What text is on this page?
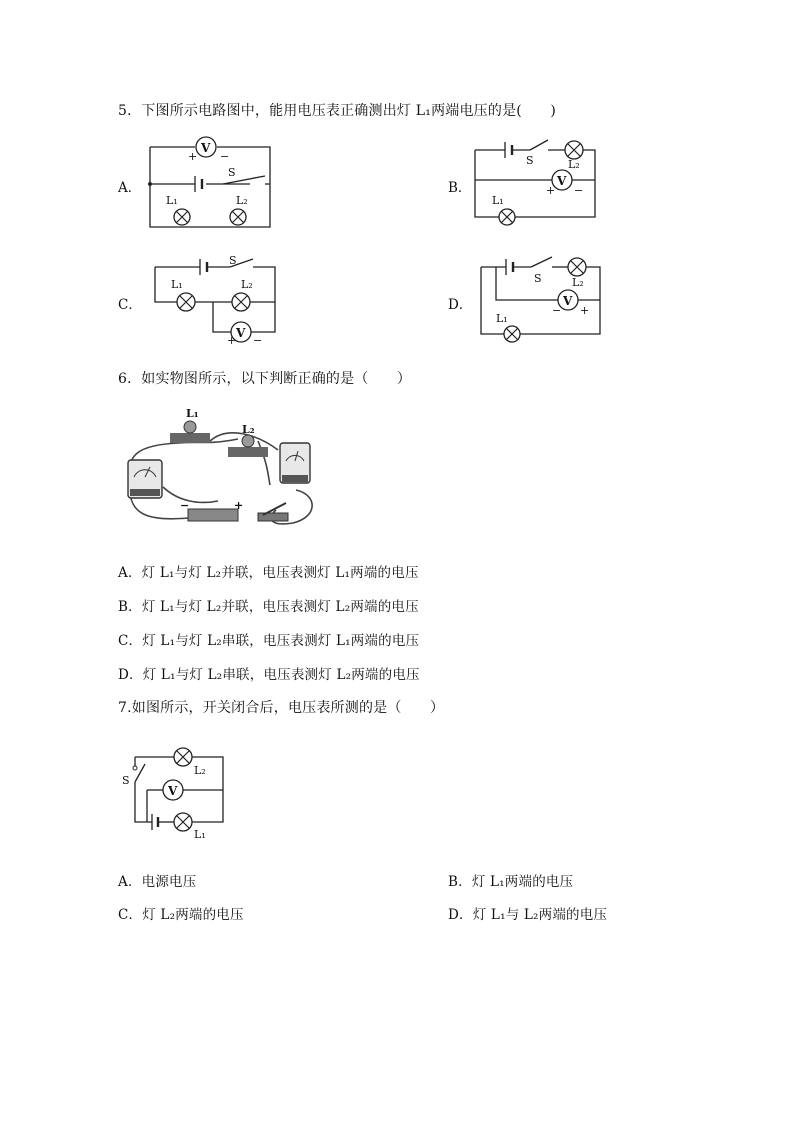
5．下图所示电路图中，能用电压表正确测出灯 L₁两端电压的是(　　)
A．
V
+ −
S
L₁	L₂
B．	V
S	L₂
+ −
L₁
C．
V
S
L₁	L₂
+ −
D．	V
S	L₂
− +
L₁
6．如实物图所示，以下判断正确的是（　　）
L₁
L₂
−	+
A．灯 L₁与灯 L₂并联，电压表测灯 L₁两端的电压
B．灯 L₁与灯 L₂并联，电压表测灯 L₂两端的电压
C．灯 L₁与灯 L₂串联，电压表测灯 L₁两端的电压
D．灯 L₁与灯 L₂串联，电压表测灯 L₂两端的电压
7.如图所示，开关闭合后，电压表所测的是（　　）
V
S
L₂
L₁
A．电源电压	B．灯 L₁两端的电压
C．灯 L₂两端的电压	D．灯 L₁与 L₂两端的电压
